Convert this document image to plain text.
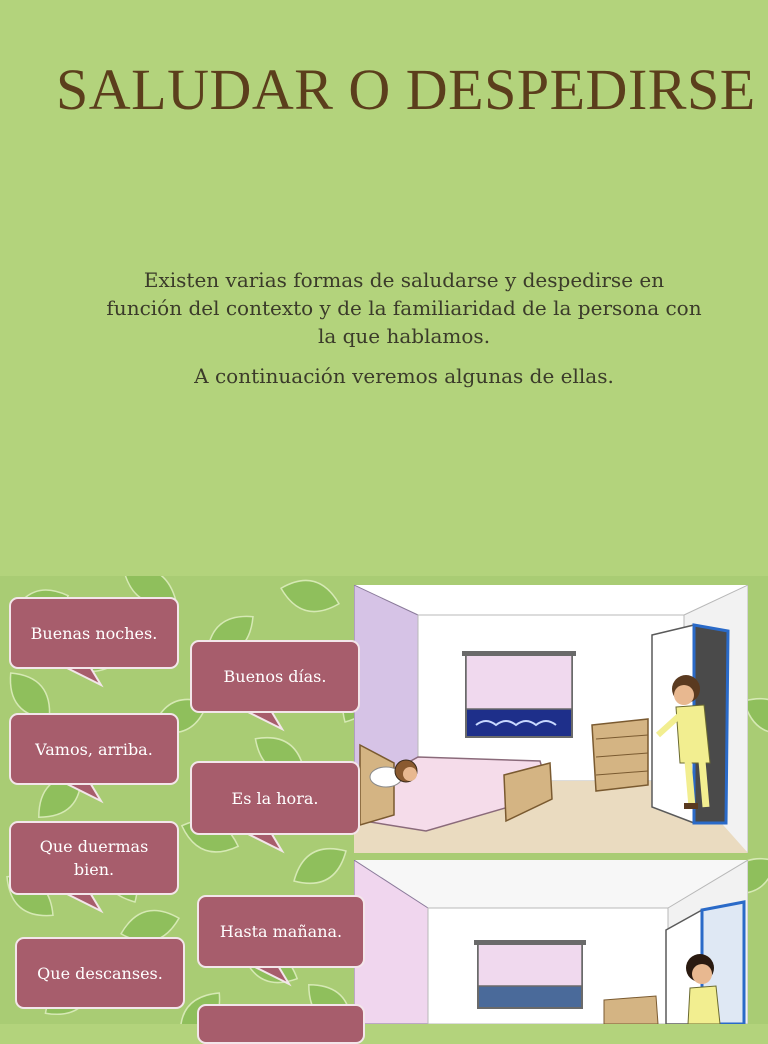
SALUDAR O DESPEDIRSE

Existen varias formas de saludarse y despedirse en función del contexto y de la familiaridad de la persona con la que hablamos.

A continuación veremos algunas de ellas.

Buenas noches.
Buenos días.
Vamos, arriba.
Es la hora.
Que duermas bien.
Hasta mañana.
Que descanses.
